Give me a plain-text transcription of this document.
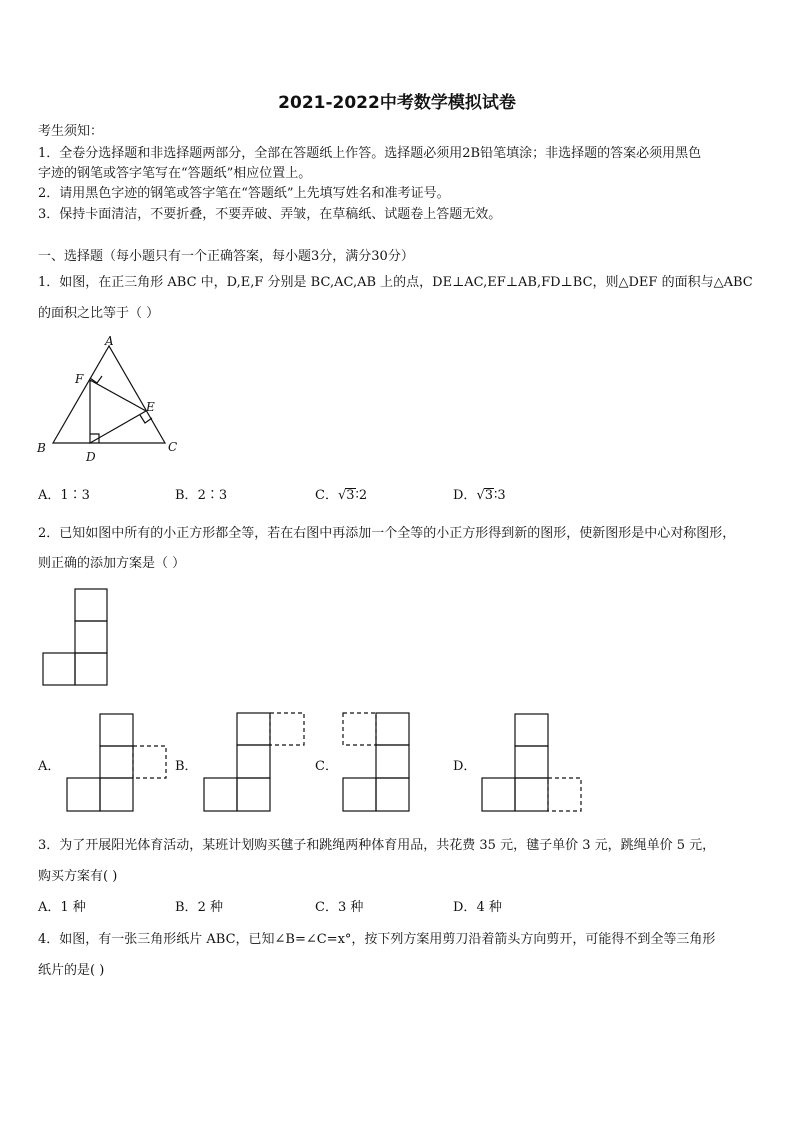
2021-2022中考数学模拟试卷
考生须知：
1．全卷分选择题和非选择题两部分，全部在答题纸上作答。选择题必须用2B铅笔填涂；非选择题的答案必须用黑色
字迹的钢笔或答字笔写在“答题纸”相应位置上。
2．请用黑色字迹的钢笔或答字笔在“答题纸”上先填写姓名和准考证号。
3．保持卡面清洁，不要折叠，不要弄破、弄皱，在草稿纸、试题卷上答题无效。
一、选择题（每小题只有一个正确答案，每小题3分，满分30分）
1．如图，在正三角形 ABC 中，D,E,F 分别是 BC,AC,AB 上的点，DE⊥AC,EF⊥AB,FD⊥BC，则△DEF 的面积与△ABC
的面积之比等于（ ）
A
B	C
D
E
F
A．1∶3	B．2∶3	C．√3∶2	D．√3∶3
2．已知如图中所有的小正方形都全等，若在右图中再添加一个全等的小正方形得到新的图形，使新图形是中心对称图形，
则正确的添加方案是（ ）
A．	B．	C．	D．
3．为了开展阳光体育活动，某班计划购买毽子和跳绳两种体育用品，共花费 35 元，毽子单价 3 元，跳绳单价 5 元，
购买方案有( )
A．1 种	B．2 种	C．3 种	D．4 种
4．如图，有一张三角形纸片 ABC，已知∠B=∠C=x°，按下列方案用剪刀沿着箭头方向剪开，可能得不到全等三角形
纸片的是( )
